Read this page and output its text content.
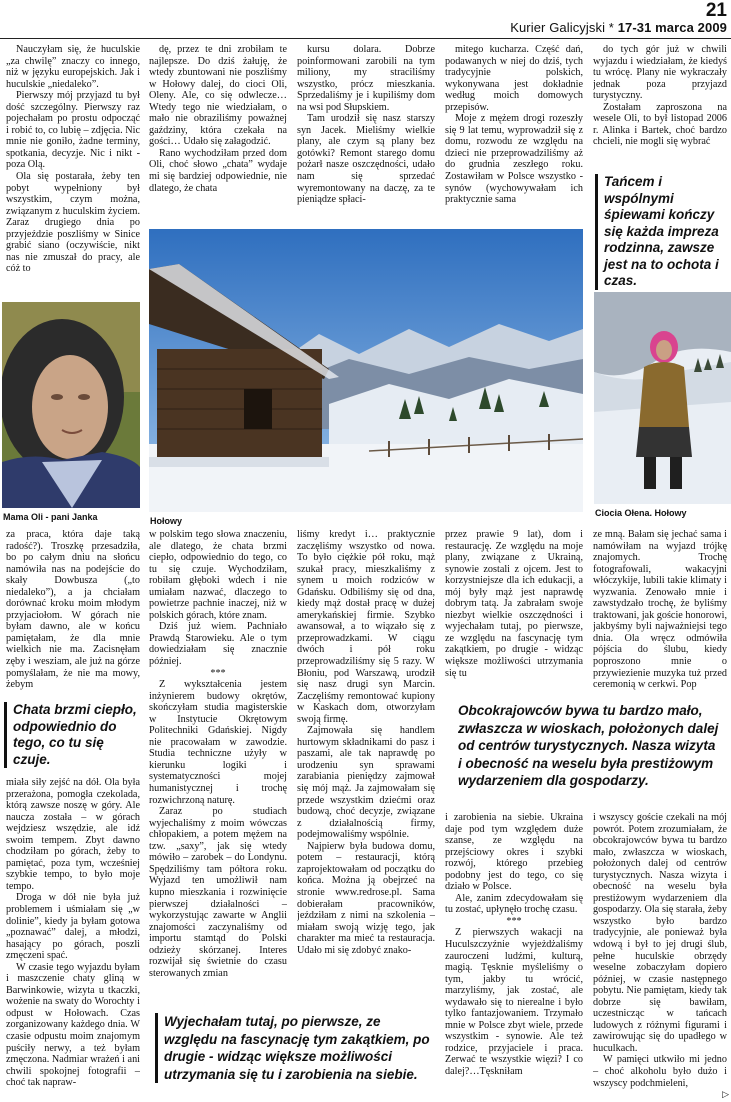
21
Kurier Galicyjski * 17-31 marca 2009

Nauczyłam się, że huculskie „za chwilę” znaczy co innego, niż w języku europejskich. Jak i huculskie „niedaleko”.

Pierwszy mój przyjazd tu był dość szczególny. Pierwszy raz pojechałam po prostu odpocząć i robić to, co lubię – zdjęcia. Nic mnie nie goniło, żadne terminy, spotkania, decyzje. Nic i nikt - poza Olą.

Ola się postarała, żeby ten pobyt wypełniony był wszystkim, czym można, związanym z huculskim życiem. Zaraz drugiego dnia po przyjeździe poszliśmy w Sinice grabić siano (oczywiście, nikt nas nie zmuszał do pracy, ale cóż to

dę, przez te dni zrobiłam te najlepsze. Do dziś żałuję, że wtedy zbuntowani nie poszliśmy w Hołowy dalej, do cioci Oli, Oleny. Ale, co się odwlecze… Wtedy tego nie wiedziałam, o mało nie obraziliśmy poważnej gaździny, która czekała na gości… Udało się załagodzić.

Rano wychodziłam przed dom Oli, choć słowo „chata” wydaje mi się bardziej odpowiednie, nie dlatego, że chata

kursu dolara. Dobrze poinformowani zarobili na tym miliony, my straciliśmy wszystko, prócz mieszkania. Sprzedaliśmy je i kupiliśmy dom na wsi pod Słupskiem.

Tam urodził się nasz starszy syn Jacek. Mieliśmy wielkie plany, ale czym są plany bez gotówki? Remont starego domu pożarł nasze oszczędności, udało nam się sprzedać wyremontowany na daczę, za te pieniądze spłaci-

mitego kucharza. Część dań, podawanych w niej do dziś, tych tradycyjnie polskich, wykonywana jest dokładnie według moich domowych przepisów.

Moje z mężem drogi rozeszły się 9 lat temu, wyprowadził się z domu, rozwodu ze względu na dzieci nie przeprowadziliśmy aż do grudnia zeszłego roku. Zostawiłam w Polsce wszystko - synów (wychowywałam ich praktycznie sama

do tych gór już w chwili wyjazdu i wiedziałam, że kiedyś tu wrócę. Plany nie wykraczały jednak poza przyjazd turystyczny.

Zostałam zaproszona na wesele Oli, to był listopad 2006 r. Alinka i Bartek, choć bardzo chcieli, nie mogli się wybrać

Tańcem i wspólnymi śpiewami kończy się każda impreza rodzinna, zawsze jest na to ochota i czas.
Mama Oli - pani Janka	Hołowy
Ciocia Ołena. Hołowy

za praca, która daje taką radość?). Troszkę przesadziła, bo po całym dniu na słońcu namówiła nas na podejście do skały Dowbusza („to niedaleko”), a ja chciałam dorównać kroku moim młodym przyjaciołom. W górach nie byłam dawno, ale w końcu pamiętałam, że dla mnie wielkich nie ma. Zacisnęłam zęby i wesziam, ale już na górze pomyślałam, że nie ma mowy, żebym

Chata brzmi ciepło, odpowiednio do tego, co tu się czuje.

miała siły zejść na dół. Ola była przerażona, pomogła czekolada, którą zawsze noszę w góry. Ale naucza została – w górach wejdziesz wszędzie, ale idź swoim tempem. Zbyt dawno chodziłam po górach, żeby to pamiętać, poza tym, wcześniej szybkie tempo, to było moje tempo.

Droga w dół nie była już problemem i uśmiałam się „w dolinie”, kiedy ja byłam gotowa „poznawać” dalej, a młodzi, hasający po górach, poszli zmęczeni spać.

W czasie tego wyjazdu byłam i maszczenie chaty gliną w Barwinkowie, wizyta u tkaczki, wożenie na swaty do Worochty i odpust w Hołowach. Czas zorganizowany każdego dnia. W czasie odpustu moim znajomym puściły nerwy, a też byłam zmęczona. Nadmiar wrażeń i ani chwili spokojnej fotografii – choć tak napraw-

w polskim tego słowa znaczeniu, ale dlatego, że chata brzmi ciepło, odpowiednio do tego, co tu się czuje. Wychodziłam, robiłam głęboki wdech i nie umiałam nazwać, dlaczego to powietrze pachnie inaczej, niż w polskich górach, które znam.

Dziś już wiem. Pachniało Prawdą Starowieku. Ale o tym dowiedziałam się znacznie później.

***

Z wykształcenia jestem inżynierem budowy okrętów, skończyłam studia magisterskie w Instytucie Okrętowym Politechniki Gdańskiej. Nigdy nie pracowałam w zawodzie. Studia techniczne użyły w kierunku logiki i systematyczności mojej humanistycznej i trochę rozwichrzoną naturę.

Zaraz po studiach wyjechaliśmy z moim wówczas chłopakiem, a potem mężem na tzw. „saxy”, jak się wtedy mówiło – zarobek – do Londynu. Spędziliśmy tam półtora roku. Wyjazd ten umożliwił nam kupno mieszkania i rozwinięcie pierwszej działalności – wykorzystując zawarte w Anglii znajomości zaczynaliśmy od importu stamtąd do Polski odzieży skórzanej. Interes rozwijał się świetnie do czasu sterowanych zmian

liśmy kredyt i… praktycznie zaczęliśmy wszystko od nowa. To było ciężkie pół roku, mąż szukał pracy, mieszkaliśmy z synem u moich rodziców w Gdańsku. Odbiliśmy się od dna, kiedy mąż dostał pracę w dużej amerykańskiej firmie. Szybko awansował, a to wiązało się z przeprowadzkami. W ciągu dwóch i pół roku przeprowadziliśmy się 5 razy. W Błoniu, pod Warszawą, urodził się nasz drugi syn Marcin. Zaczęliśmy remontować kupiony w Kaskach dom, otworzyłam swoją firmę.

Zajmowała się handlem hurtowym składnikami do pasz i paszami, ale tak naprawdę po urodzeniu syn sprawami zarabiania pieniędzy zajmował się mój mąż. Ja zajmowałam się przede wszystkim dziećmi oraz budową, choć decyzje, związane z działalnością firmy, podejmowaliśmy wspólnie.

Najpierw była budowa domu, potem – restauracji, którą zaprojektowałam od początku do końca. Można ją obejrzeć na stronie www.redrose.pl. Sama dobierałam pracowników, jeździłam z nimi na szkolenia – miałam swoją wizję tego, jak charakter ma mieć ta restauracja. Udało mi się zdobyć znako-

przez prawie 9 lat), dom i restaurację. Ze względu na moje plany, związane z Ukrainą, synowie zostali z ojcem. Jest to korzystniejsze dla ich edukacji, a mój były mąż jest naprawdę dobrym tatą. Ja zabrałam swoje niezbyt wielkie oszczędności i wyjechałam tutaj, po pierwsze, ze względu na fascynację tym zakątkiem, po drugie - widząc większe możliwości utrzymania się tu

ze mną. Bałam się jechać sama i namówiłam na wyjazd trójkę znajomych. Trochę fotografowali, wakacyjni włóczykije, lubili takie klimaty i wyzwania. Zenowało mnie i zawstydzało trochę, że byliśmy traktowani, jak goście honorowi, jakbyśmy byli najważniejsi tego dnia. Ola wręcz odmówiła pójścia do ślubu, kiedy poproszono mnie o przywiezienie muzyka tuż przed ceremonią w cerkwi. Pop

Obcokrajowców bywa tu bardzo mało, zwłaszcza w wioskach, położonych dalej od centrów turystycznych. Nasza wizyta i obecność na weselu była prestiżowym wydarzeniem dla gospodarzy.

i zarobienia na siebie. Ukraina daje pod tym względem duże szanse, ze względu na przejściowy okres i szybki rozwój, którego przebieg podobny jest do tego, co się działo w Polsce.

Ale, zanim zdecydowałam się tu zostać, upłynęło trochę czasu.

***

Z pierwszych wakacji na Huculszczyźnie wyjeżdżaliśmy zauroczeni ludźmi, kulturą, magią. Tęsknie myśleliśmy o tym, jakby tu wrócić, marzyliśmy, jak zostać, ale wydawało się to nierealne i było tylko fantazjowaniem. Trzymało mnie w Polsce zbyt wiele, przede wszystkim - synowie. Ale też rodzice, przyjaciele i praca. Zerwać te wszystkie więzi? I co dalej?…Tęskniłam

i wszyscy goście czekali na mój powrót. Potem zrozumiałam, że obcokrajowców bywa tu bardzo mało, zwłaszcza w wioskach, położonych dalej od centrów turystycznych. Nasza wizyta i obecność na weselu była prestiżowym wydarzeniem dla gospodarzy. Ola się starała, żeby wszystko było bardzo tradycyjnie, ale ponieważ była wdową i był to jej drugi ślub, pełne huculskie obrzędy weselne zobaczyłam dopiero później, w czasie następnego pobytu. Nie pamiętam, kiedy tak dobrze się bawiłam, uczestnicząc w tańcach ludowych z różnymi figurami i zawirowując się do upadłego w huculkach.

W pamięci utkwiło mi jedno – choć alkoholu było dużo i wszyscy podchmieleni,

Wyjechałam tutaj, po pierwsze, ze względu na fascynację tym zakątkiem, po drugie - widząc większe możliwości utrzymania się tu i zarobienia na siebie.
▷
